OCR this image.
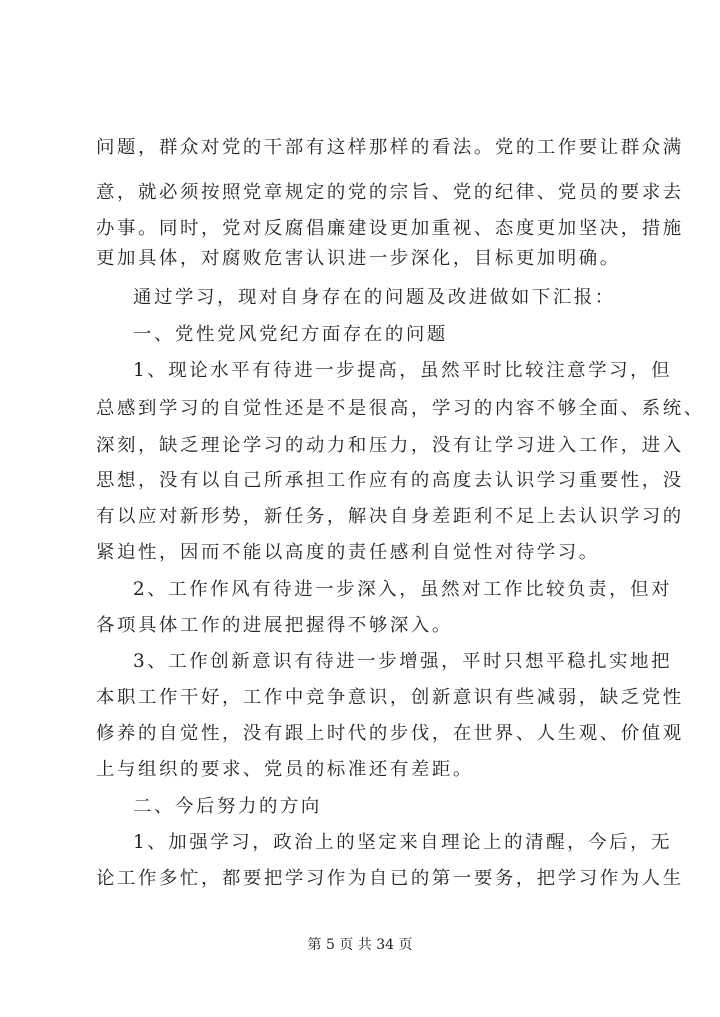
问题，群众对党的干部有这样那样的看法。党的工作要让群众满
意，就必须按照党章规定的党的宗旨、党的纪律、党员的要求去
办事。同时，党对反腐倡廉建设更加重视、态度更加坚决，措施
更加具体，对腐败危害认识进一步深化，目标更加明确。
通过学习，现对自身存在的问题及改进做如下汇报：
一、党性党风党纪方面存在的问题
1、现论水平有待进一步提高，虽然平时比较注意学习，但
总感到学习的自觉性还是不是很高，学习的内容不够全面、系统、
深刻，缺乏理论学习的动力和压力，没有让学习进入工作，进入
思想，没有以自己所承担工作应有的高度去认识学习重要性，没
有以应对新形势，新任务，解决自身差距利不足上去认识学习的
紧迫性，因而不能以高度的责任感利自觉性对待学习。
2、工作作风有待进一步深入，虽然对工作比较负责，但对
各项具体工作的进展把握得不够深入。
3、工作创新意识有待进一步增强，平时只想平稳扎实地把
本职工作干好，工作中竞争意识，创新意识有些减弱，缺乏党性
修养的自觉性，没有跟上时代的步伐，在世界、人生观、价值观
上与组织的要求、党员的标准还有差距。
二、今后努力的方向
1、加强学习，政治上的坚定来自理论上的清醒，今后，无
论工作多忙，都要把学习作为自已的第一要务，把学习作为人生
第 5 页 共 34 页
